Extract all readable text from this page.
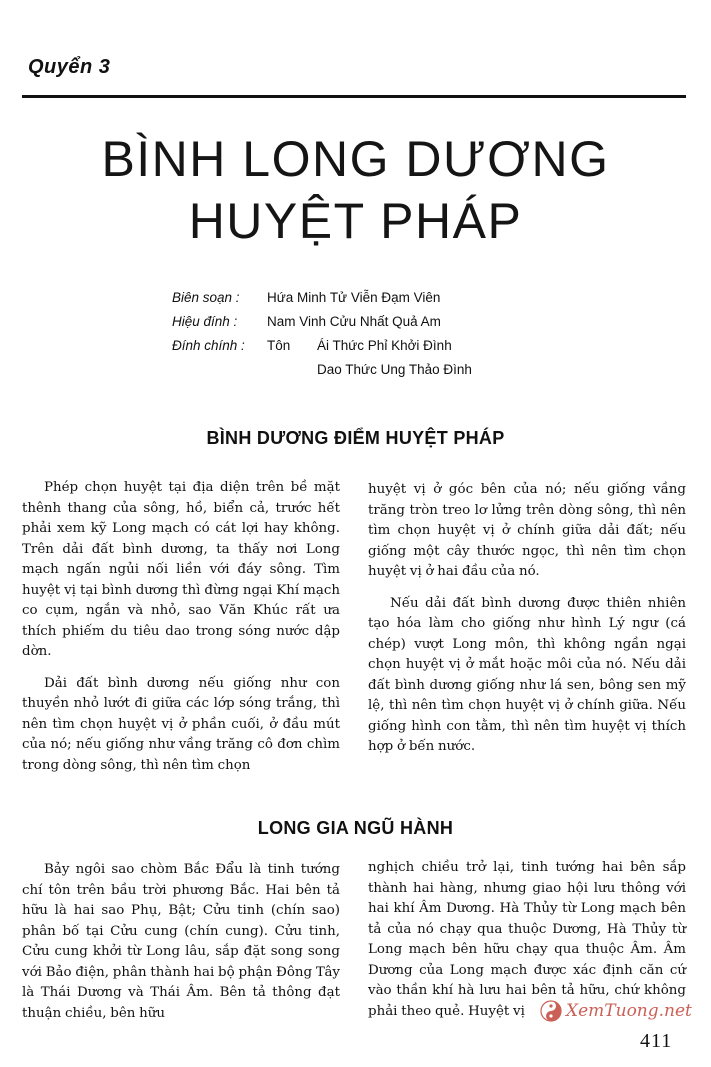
Quyển 3
BÌNH LONG DƯƠNG
HUYỆT PHÁP
Biên soạn :	Hứa Minh Tử Viễn Đạm Viên
Hiệu đính :	Nam Vinh Cửu Nhất Quả Am
Đính chính :	Tôn	Ái Thức Phỉ Khởi Đình
Dao Thức Ung Thảo Đình
BÌNH DƯƠNG ĐIỂM HUYỆT PHÁP

Phép chọn huyệt tại địa diện trên bề mặt thênh thang của sông, hồ, biển cả, trước hết phải xem kỹ Long mạch có cát lợi hay không. Trên dải đất bình dương, ta thấy nơi Long mạch ngấn ngủi nối liền với đáy sông. Tìm huyệt vị tại bình dương thì đừng ngại Khí mạch co cụm, ngắn và nhỏ, sao Văn Khúc rất ưa thích phiếm du tiêu dao trong sóng nước dập dờn.

Dải đất bình dương nếu giống như con thuyền nhỏ lướt đi giữa các lớp sóng trắng, thì nên tìm chọn huyệt vị ở phần cuối, ở đầu mút của nó; nếu giống như vầng trăng cô đơn chìm trong dòng sông, thì nên tìm chọn

huyệt vị ở góc bên của nó; nếu giống vầng trăng tròn treo lơ lửng trên dòng sông, thì nên tìm chọn huyệt vị ở chính giữa dải đất; nếu giống một cây thước ngọc, thì nên tìm chọn huyệt vị ở hai đầu của nó.

Nếu dải đất bình dương được thiên nhiên tạo hóa làm cho giống như hình Lý ngư (cá chép) vượt Long môn, thì không ngần ngại chọn huyệt vị ở mắt hoặc môi của nó. Nếu dải đất bình dương giống như lá sen, bông sen mỹ lệ, thì nên tìm chọn huyệt vị ở chính giữa. Nếu giống hình con tằm, thì nên tìm huyệt vị thích hợp ở bến nước.

LONG GIA NGŨ HÀNH

Bảy ngôi sao chòm Bắc Đẩu là tinh tướng chí tôn trên bầu trời phương Bắc. Hai bên tả hữu là hai sao Phụ, Bật; Cửu tinh (chín sao) phân bố tại Cửu cung (chín cung). Cửu tinh, Cửu cung khởi từ Long lâu, sắp đặt song song với Bảo điện, phân thành hai bộ phận Đông Tây là Thái Dương và Thái Âm. Bên tả thông đạt thuận chiều, bên hữu

nghịch chiều trở lại, tinh tướng hai bên sắp thành hai hàng, nhưng giao hội lưu thông với hai khí Âm Dương. Hà Thủy từ Long mạch bên tả của nó chạy qua thuộc Dương, Hà Thủy từ Long mạch bên hữu chạy qua thuộc Âm. Âm Dương của Long mạch được xác định căn cứ vào thần khí hà lưu hai bên tả hữu, chứ không phải theo quẻ. Huyệt vị	XemTuong.net
411
